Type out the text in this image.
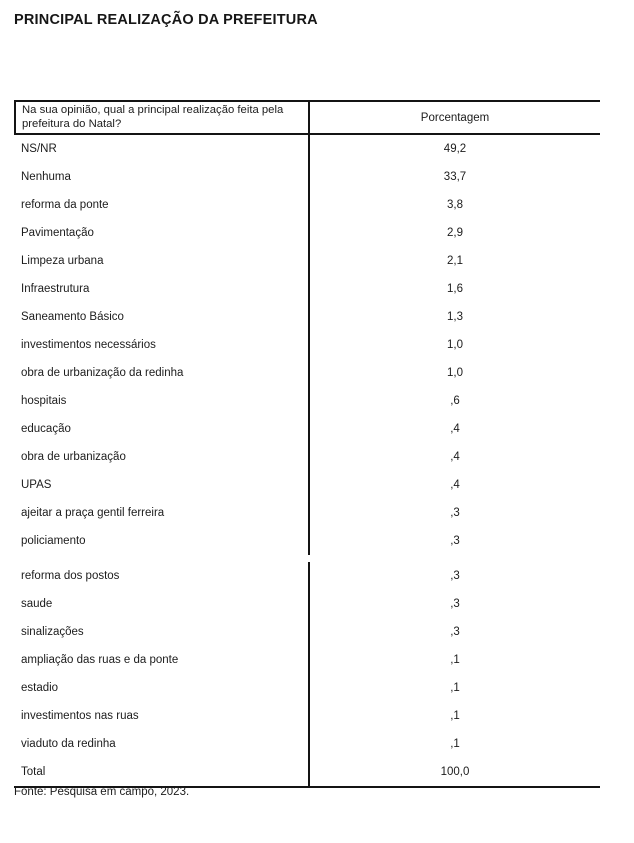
PRINCIPAL REALIZAÇÃO DA PREFEITURA
Na sua opinião, qual a principal realização feita pela prefeitura do Natal?	Porcentagem
NS/NR	49,2
Nenhuma	33,7
reforma da ponte	3,8
Pavimentação	2,9
Limpeza urbana	2,1
Infraestrutura	1,6
Saneamento Básico	1,3
investimentos necessários	1,0
obra de urbanização da redinha	1,0
hospitais	,6
educação	,4
obra de urbanização	,4
UPAS	,4
ajeitar a praça gentil ferreira	,3
policiamento	,3
reforma dos postos	,3
saude	,3
sinalizações	,3
ampliação das ruas e da ponte	,1
estadio	,1
investimentos nas ruas	,1
viaduto da redinha	,1
Total	100,0
Fonte: Pesquisa em campo, 2023.
